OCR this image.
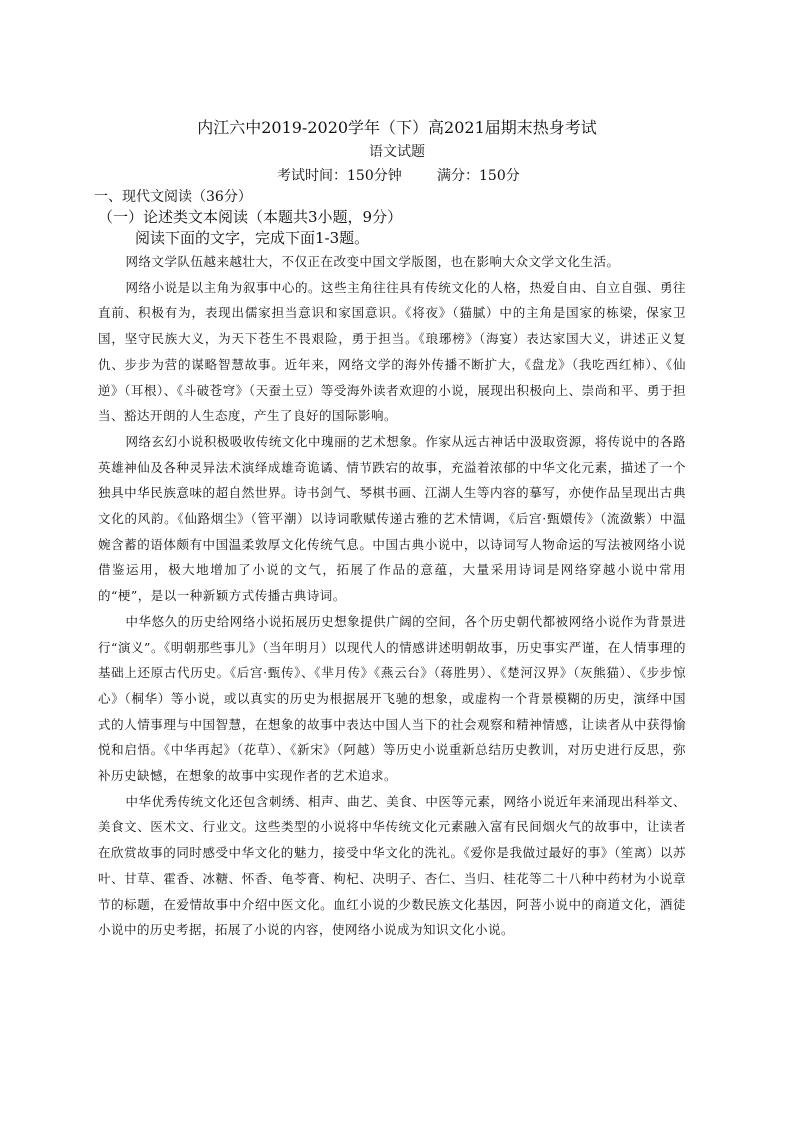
内江六中2019-2020学年（下）高2021届期末热身考试
语文试题
考试时间：150分钟	满分：150分
一、现代文阅读（36分）
（一）论述类文本阅读（本题共3小题，9分）
阅读下面的文字，完成下面1-3题。

网络文学队伍越来越壮大，不仅正在改变中国文学版图，也在影响大众文学文化生活。

网络小说是以主角为叙事中心的。这些主角往往具有传统文化的人格，热爱自由、自立自强、勇往直前、积极有为，表现出儒家担当意识和家国意识。《将夜》（猫腻）中的主角是国家的栋梁，保家卫国，坚守民族大义，为天下苍生不畏艰险，勇于担当。《琅琊榜》（海宴）表达家国大义，讲述正义复仇、步步为营的谋略智慧故事。近年来，网络文学的海外传播不断扩大，《盘龙》（我吃西红柿）、《仙逆》（耳根）、《斗破苍穹》（天蚕土豆）等受海外读者欢迎的小说，展现出积极向上、崇尚和平、勇于担当、豁达开朗的人生态度，产生了良好的国际影响。

网络玄幻小说积极吸收传统文化中瑰丽的艺术想象。作家从远古神话中汲取资源，将传说中的各路英雄神仙及各种灵异法术演绎成雄奇诡谲、情节跌宕的故事，充溢着浓郁的中华文化元素，描述了一个独具中华民族意味的超自然世界。诗书剑气、琴棋书画、江湖人生等内容的摹写，亦使作品呈现出古典文化的风韵。《仙路烟尘》（管平潮）以诗词歌赋传递古雅的艺术情调，《后宫·甄嬛传》（流潋紫）中温婉含蓄的语体颇有中国温柔敦厚文化传统气息。中国古典小说中，以诗词写人物命运的写法被网络小说借鉴运用，极大地增加了小说的文气，拓展了作品的意蕴，大量采用诗词是网络穿越小说中常用的“梗”，是以一种新颖方式传播古典诗词。

中华悠久的历史给网络小说拓展历史想象提供广阔的空间，各个历史朝代都被网络小说作为背景进行“演义”。《明朝那些事儿》（当年明月）以现代人的情感讲述明朝故事，历史事实严谨，在人情事理的基础上还原古代历史。《后宫·甄传》、《芈月传》《燕云台》（蒋胜男）、《楚河汉界》（灰熊猫）、《步步惊心》（桐华）等小说，或以真实的历史为根据展开飞驰的想象，或虚构一个背景模糊的历史，演绎中国式的人情事理与中国智慧，在想象的故事中表达中国人当下的社会观察和精神情感，让读者从中获得愉悦和启悟。《中华再起》（花草）、《新宋》（阿越）等历史小说重新总结历史教训，对历史进行反思，弥补历史缺憾，在想象的故事中实现作者的艺术追求。

中华优秀传统文化还包含刺绣、相声、曲艺、美食、中医等元素，网络小说近年来涌现出科举文、美食文、医术文、行业文。这些类型的小说将中华传统文化元素融入富有民间烟火气的故事中，让读者在欣赏故事的同时感受中华文化的魅力，接受中华文化的洗礼。《爱你是我做过最好的事》（笙离）以苏叶、甘草、霍香、冰糖、怀香、龟苓膏、枸杞、决明子、杏仁、当归、桂花等二十八种中药材为小说章节的标题，在爱情故事中介绍中医文化。血红小说的少数民族文化基因，阿菩小说中的商道文化，酒徒小说中的历史考据，拓展了小说的内容，使网络小说成为知识文化小说。
